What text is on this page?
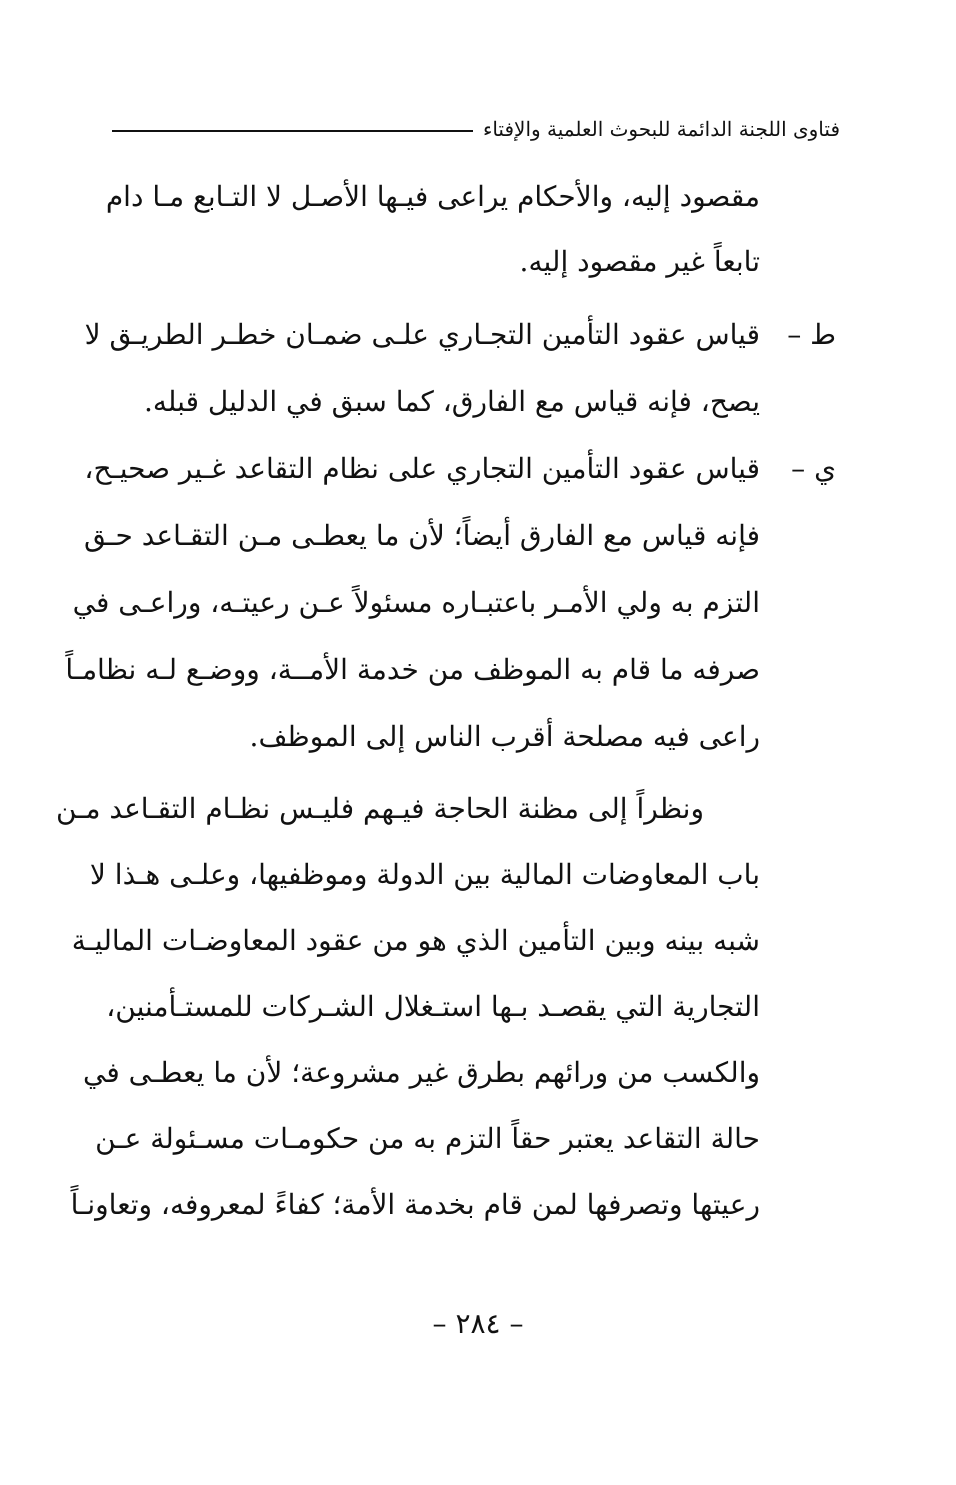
فتاوى اللجنة الدائمة للبحوث العلمية والإفتاء
مقصود إليه، والأحكام يراعى فيـها الأصـل لا التـابع مـا دام
تابعاً غير مقصود إليه.
ط –
قياس عقود التأمين التجـاري علـى ضمـان خطـر الطريـق لا
يصح، فإنه قياس مع الفارق، كما سبق في الدليل قبله.
ي –
قياس عقود التأمين التجاري على نظام التقاعد غـير صحيـح،
فإنه قياس مع الفارق أيضاً؛ لأن ما يعطـى مـن التقـاعد حـق
التزم به ولي الأمـر باعتبـاره مسئولاً عـن رعيتـه، وراعـى في
صرفه ما قام به الموظف من خدمة الأمــة، ووضـع لـه نظامـاً
راعى فيه مصلحة أقرب الناس إلى الموظف.
ونظراً إلى مظنة الحاجة فيـهم فليـس نظـام التقـاعد مـن
باب المعاوضات المالية بين الدولة وموظفيها، وعلـى هـذا لا
شبه بينه وبين التأمين الذي هو من عقود المعاوضـات الماليـة
التجارية التي يقصـد بـها استـغلال الشـركات للمستـأمنين،
والكسب من ورائهم بطرق غير مشروعة؛ لأن ما يعطـى في
حالة التقاعد يعتبر حقاً التزم به من حكومـات مسـئولة عـن
رعيتها وتصرفها لمن قام بخدمة الأمة؛ كفاءً لمعروفه، وتعاونـاً
– ٢٨٤ –
